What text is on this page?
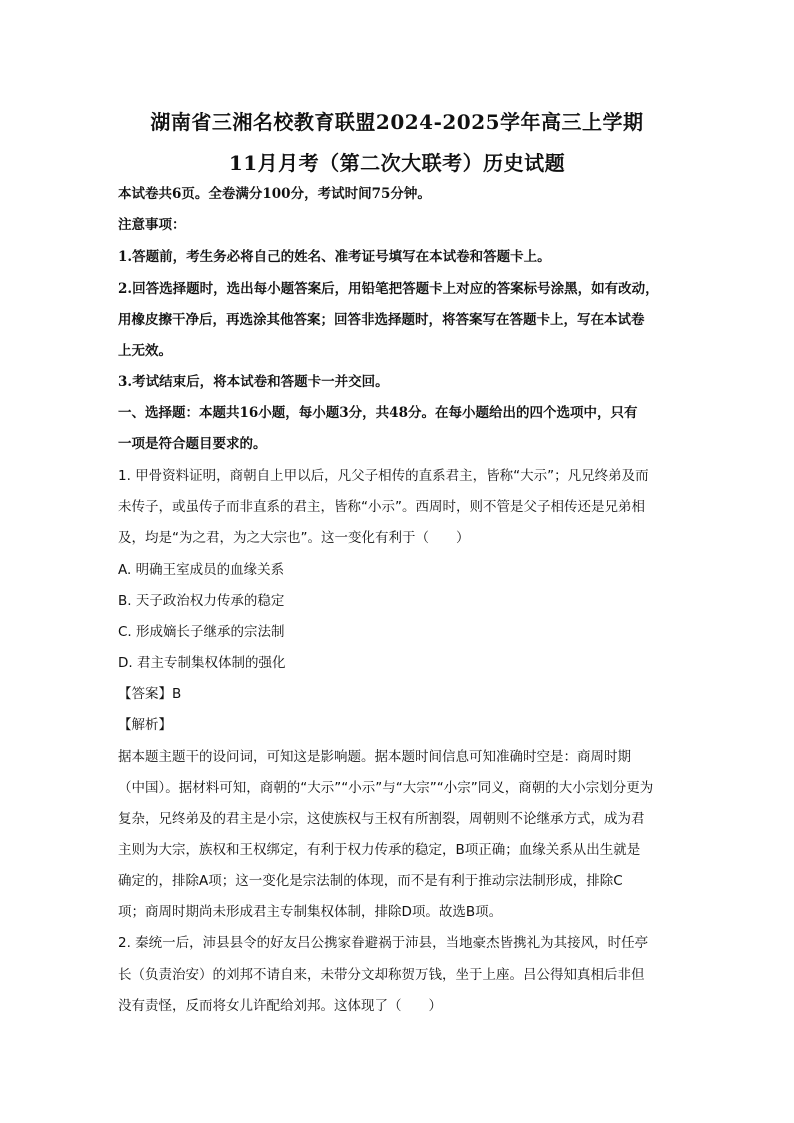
湖南省三湘名校教育联盟2024-2025学年高三上学期
11月月考（第二次大联考）历史试题
本试卷共6页。全卷满分100分，考试时间75分钟。
注意事项：
1.答题前，考生务必将自己的姓名、准考证号填写在本试卷和答题卡上。
2.回答选择题时，选出每小题答案后，用铅笔把答题卡上对应的答案标号涂黑，如有改动，
用橡皮擦干净后，再选涂其他答案；回答非选择题时，将答案写在答题卡上，写在本试卷
上无效。
3.考试结束后，将本试卷和答题卡一并交回。
一、选择题：本题共16小题，每小题3分，共48分。在每小题给出的四个选项中，只有
一项是符合题目要求的。
1. 甲骨资料证明，商朝自上甲以后，凡父子相传的直系君主，皆称“大示”；凡兄终弟及而
未传子，或虽传子而非直系的君主，皆称“小示”。西周时，则不管是父子相传还是兄弟相
及，均是“为之君，为之大宗也”。这一变化有利于（　　）
A. 明确王室成员的血缘关系
B. 天子政治权力传承的稳定
C. 形成嫡长子继承的宗法制
D. 君主专制集权体制的强化
【答案】B
【解析】
据本题主题干的设问词，可知这是影响题。据本题时间信息可知准确时空是：商周时期
（中国）。据材料可知，商朝的“大示”“小示”与“大宗”“小宗”同义，商朝的大小宗划分更为
复杂，兄终弟及的君主是小宗，这使族权与王权有所割裂，周朝则不论继承方式，成为君
主则为大宗，族权和王权绑定，有利于权力传承的稳定，B项正确；血缘关系从出生就是
确定的，排除A项；这一变化是宗法制的体现，而不是有利于推动宗法制形成，排除C
项；商周时期尚未形成君主专制集权体制，排除D项。故选B项。
2. 秦统一后，沛县县令的好友吕公携家眷避祸于沛县，当地豪杰皆携礼为其接风，时任亭
长（负责治安）的刘邦不请自来，未带分文却称贺万钱，坐于上座。吕公得知真相后非但
没有责怪，反而将女儿许配给刘邦。这体现了（　　）
